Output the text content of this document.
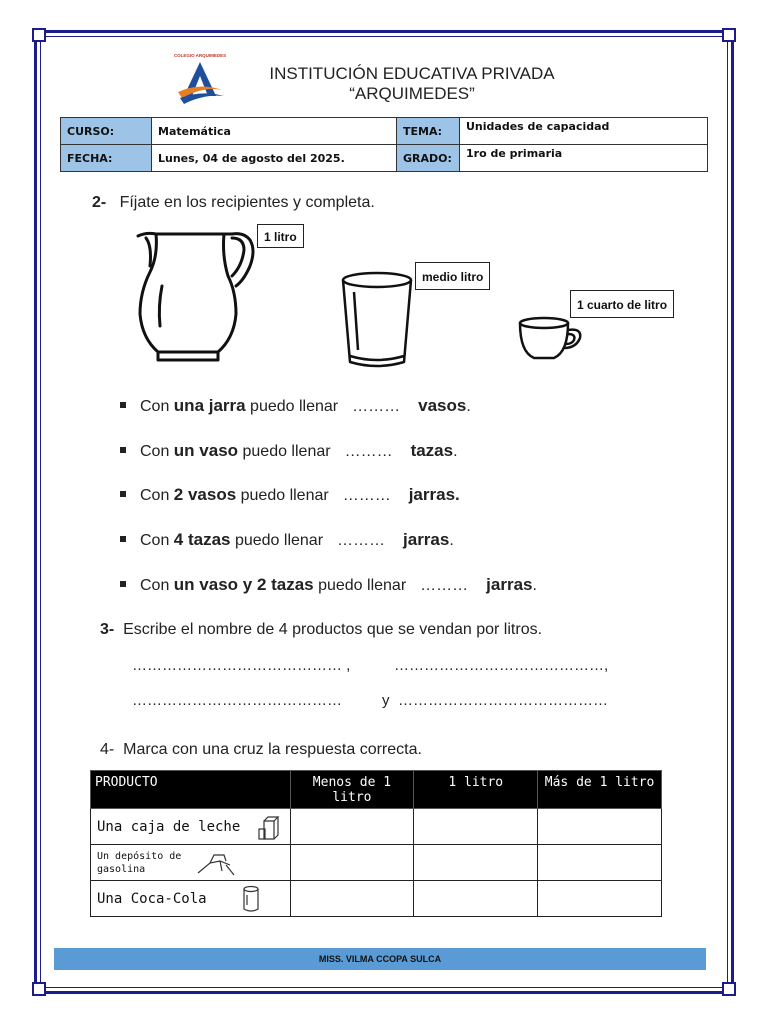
COLEGIO ARQUIMEDES
INSTITUCIÓN EDUCATIVA PRIVADA
“ARQUIMEDES”
CURSO:	Matemática	TEMA:	Unidades de capacidad
FECHA:	Lunes, 04 de agosto del 2025.	GRADO:	1ro de primaria
2- Fíjate en los recipientes y completa.
1 litro
medio litro
1 cuarto de litro
Con una jarra puedo llenar ……… vasos.
Con un vaso puedo llenar ……… tazas.
Con 2 vasos puedo llenar ……… jarras.
Con 4 tazas puedo llenar ……… jarras.
Con un vaso y 2 tazas puedo llenar ……… jarras.
3- Escribe el nombre de 4 productos que se vendan por litros.
…………………………………… ,	……………………………………,
……………………………………	y ……………………………………
4- Marca con una cruz la respuesta correcta.
PRODUCTO	Menos de 1 litro	1 litro	Más de 1 litro
Una caja de leche

Un depósito de gasolina

Una Coca-Cola

MISS. VILMA CCOPA SULCA
